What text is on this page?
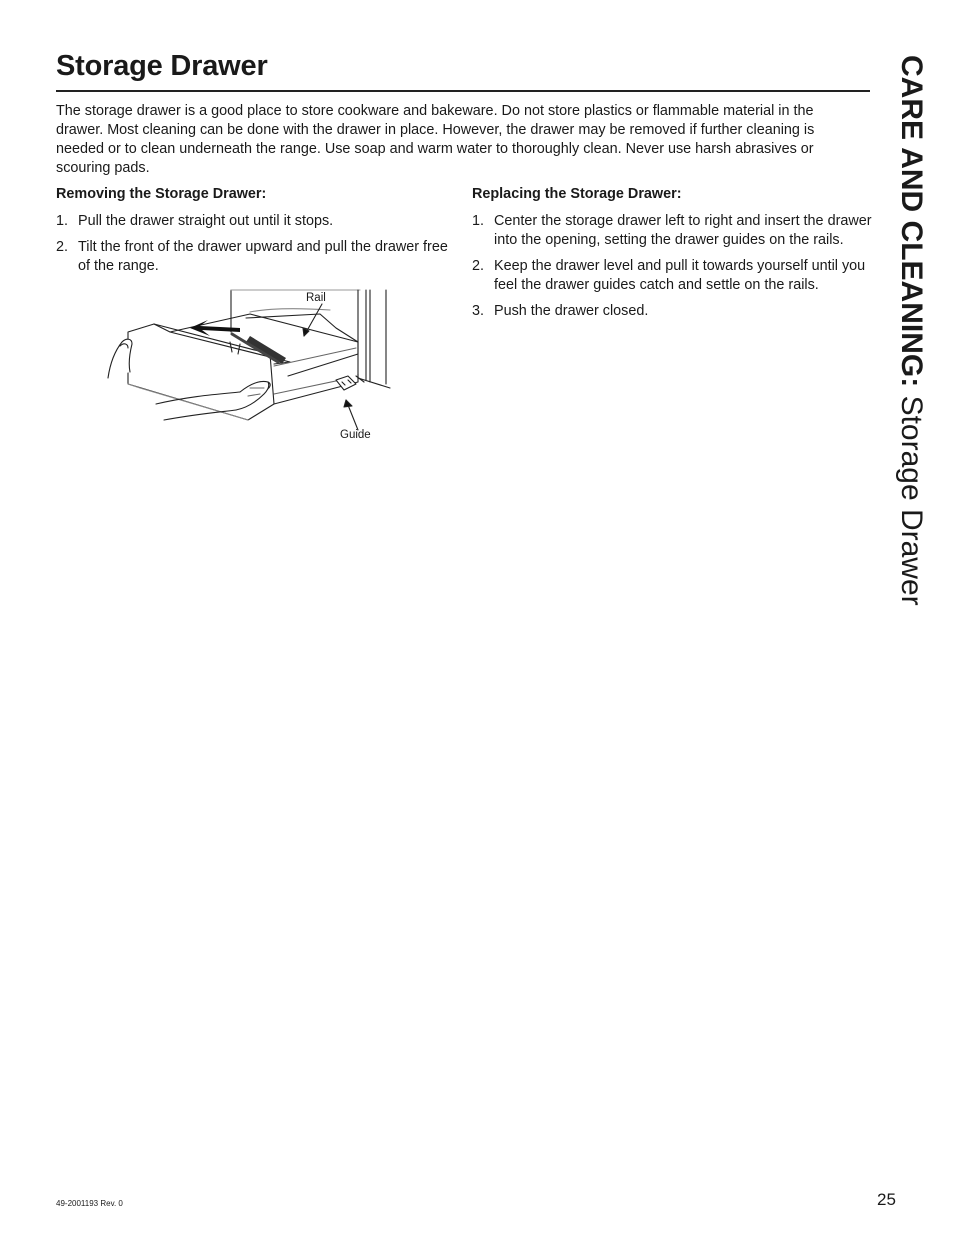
Storage Drawer

The storage drawer is a good place to store cookware and bakeware. Do not store plastics or flammable material in the drawer. Most cleaning can be done with the drawer in place. However, the drawer may be removed if further cleaning is needed or to clean underneath the range. Use soap and warm water to thoroughly clean. Never use harsh abrasives or scouring pads.

Removing the Storage Drawer:
1. Pull the drawer straight out until it stops.
2. Tilt the front of the drawer upward and pull the drawer free of the range.
Replacing the Storage Drawer:
1. Center the storage drawer left to right and insert the drawer into the opening, setting the drawer guides on the rails.
2. Keep the drawer level and pull it towards yourself until you feel the drawer guides catch and settle on the rails.
3. Push the drawer closed.
Rail
Guide
CARE AND CLEANING: Storage Drawer
49-2001193 Rev. 0	25
